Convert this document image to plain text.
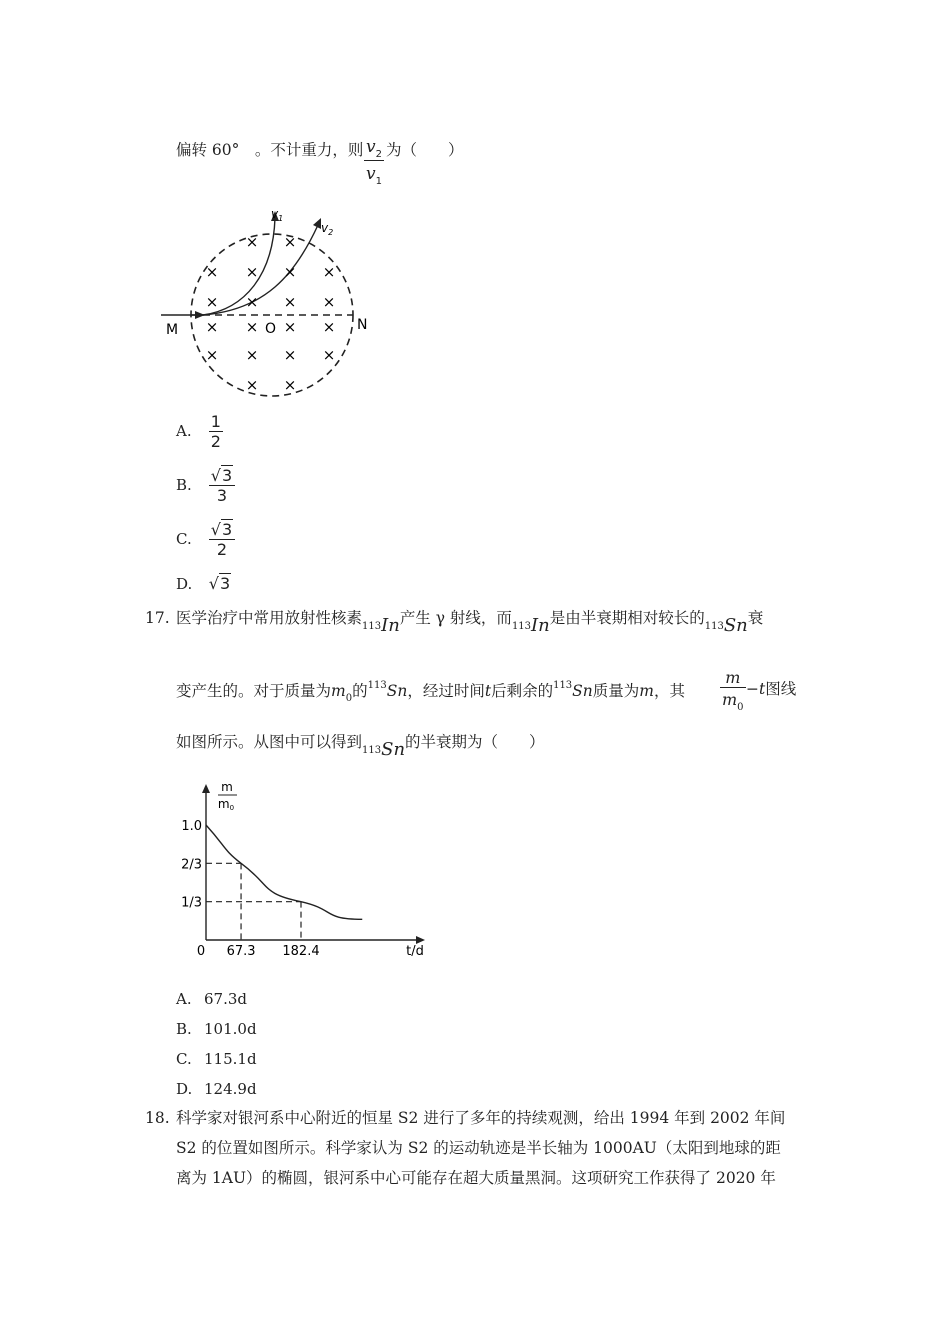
偏转 60°　。不计重力，则 $v_2$
$v_1$
为（　　）
$v_1$
$v_2$
M	O	N
× ×
× × × ×
× × × ×
× × × ×
× × × ×
× ×
A. $\frac{1}{2}$
B. $\frac{√3}{3}$
C. $\frac{√3}{2}$
D. √3
17. 医学治疗中常用放射性核素$_{113}$In产生 γ 射线，而$_{113}$In是由半衰期相对较长的$_{113}$Sn衰
变产生的。对于质量为$m_0$的$^{113}$Sn，经过时间t后剩余的$^{113}$Sn质量为m，其
m
$m_0$
−t图线
如图所示。从图中可以得到$_{113}$Sn的半衰期为（　　）
m
m0
t/d
0
1.0
2/3
1/3
67.3 182.4
A. 67.3d
B. 101.0d
C. 115.1d
D. 124.9d
18. 科学家对银河系中心附近的恒星 S2 进行了多年的持续观测，给出 1994 年到 2002 年间
S2 的位置如图所示。科学家认为 S2 的运动轨迹是半长轴为 1000AU（太阳到地球的距
离为 1AU）的椭圆，银河系中心可能存在超大质量黑洞。这项研究工作获得了 2020 年
